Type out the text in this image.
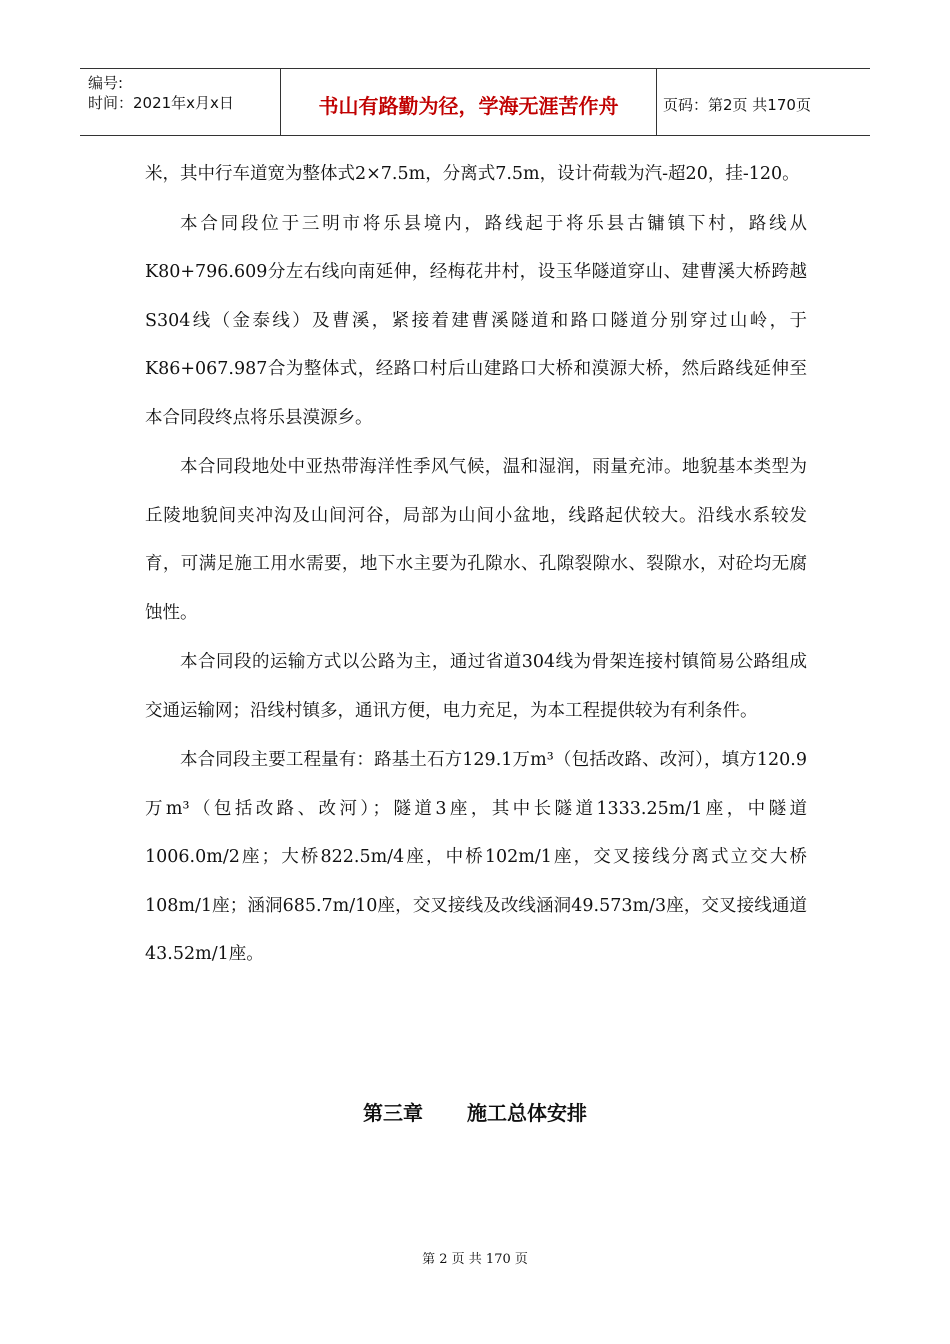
编号:
时间：2021年x月x日	书山有路勤为径，学海无涯苦作舟	页码：第2页 共170页

米，其中行车道宽为整体式2×7.5m，分离式7.5m，设计荷载为汽-超20，挂-120。

本合同段位于三明市将乐县境内，路线起于将乐县古镛镇下村，路线从K80+796.609分左右线向南延伸，经梅花井村，设玉华隧道穿山、建曹溪大桥跨越S304线（金泰线）及曹溪，紧接着建曹溪隧道和路口隧道分别穿过山岭，于K86+067.987合为整体式，经路口村后山建路口大桥和漠源大桥，然后路线延伸至本合同段终点将乐县漠源乡。

本合同段地处中亚热带海洋性季风气候，温和湿润，雨量充沛。地貌基本类型为丘陵地貌间夹冲沟及山间河谷，局部为山间小盆地，线路起伏较大。沿线水系较发育，可满足施工用水需要，地下水主要为孔隙水、孔隙裂隙水、裂隙水，对砼均无腐蚀性。

本合同段的运输方式以公路为主，通过省道304线为骨架连接村镇简易公路组成交通运输网；沿线村镇多，通讯方便，电力充足，为本工程提供较为有利条件。

本合同段主要工程量有：路基土石方129.1万m³（包括改路、改河），填方120.9万m³（包括改路、改河）；隧道3座，其中长隧道1333.25m/1座，中隧道1006.0m/2座；大桥822.5m/4座，中桥102m/1座，交叉接线分离式立交大桥108m/1座；涵洞685.7m/10座，交叉接线及改线涵洞49.573m/3座，交叉接线通道43.52m/1座。

第三章 施工总体安排
第 2 页 共 170 页
